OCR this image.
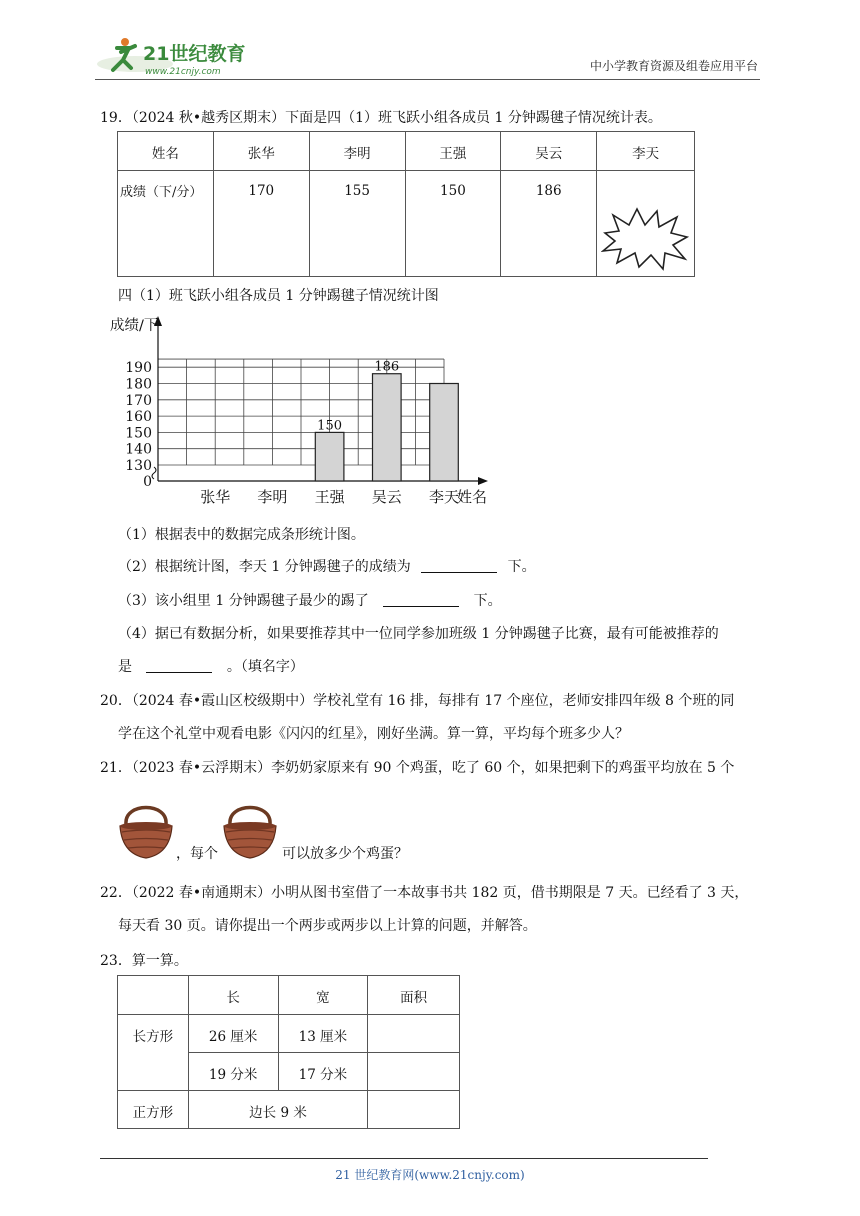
21世纪教育
www.21cnjy.com	中小学教育资源及组卷应用平台
19．（2024 秋•越秀区期末）下面是四（1）班飞跃小组各成员 1 分钟踢毽子情况统计表。
姓名	张华	李明	王强	吴云	李天
成绩（下/分）	170	155	150	186	
四（1）班飞跃小组各成员 1 分钟踢毽子情况统计图
0
130
140
150
160
170
180
190
成绩/下
张华 李明 王强
150
吴云
186
李天
姓名
（1）根据表中的数据完成条形统计图。
（2）根据统计图，李天 1 分钟踢毽子的成绩为	下。
（3）该小组里 1 分钟踢毽子最少的踢了	下。
（4）据已有数据分析，如果要推荐其中一位同学参加班级 1 分钟踢毽子比赛，最有可能被推荐的
是	。（填名字）
20．（2024 春•霞山区校级期中）学校礼堂有 16 排，每排有 17 个座位，老师安排四年级 8 个班的同
学在这个礼堂中观看电影《闪闪的红星》，刚好坐满。算一算，平均每个班多少人？
21．（2023 春•云浮期末）李奶奶家原来有 90 个鸡蛋，吃了 60 个，如果把剩下的鸡蛋平均放在 5 个
，每个	可以放多少个鸡蛋？
22．（2022 春•南通期末）小明从图书室借了一本故事书共 182 页，借书期限是 7 天。已经看了 3 天，
每天看 30 页。请你提出一个两步或两步以上计算的问题，并解答。
23．算一算。
	长	宽	面积
长方形	26 厘米	13 厘米	
	19 分米	17 分米	
正方形	边长 9 米		
21 世纪教育网(www.21cnjy.com)
